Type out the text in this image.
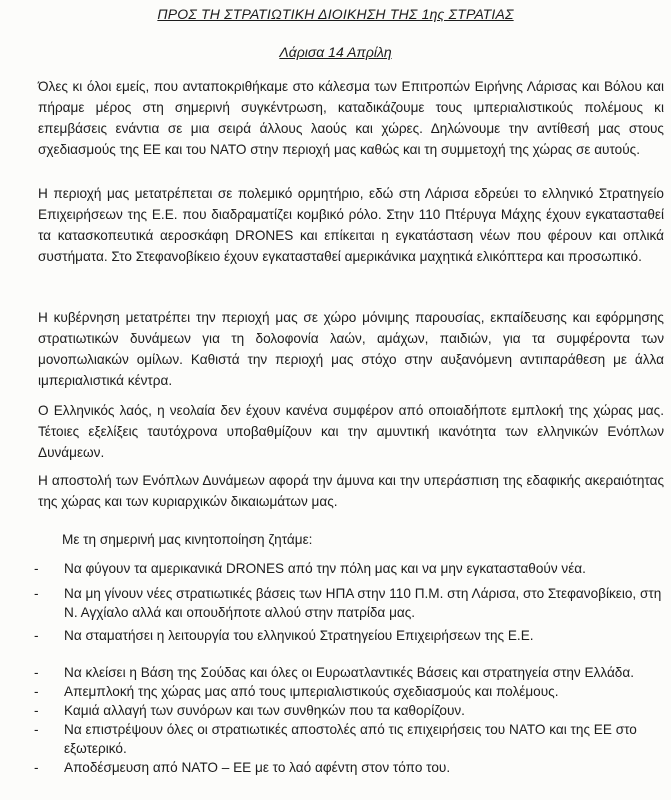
ΠΡΟΣ ΤΗ ΣΤΡΑΤΙΩΤΙΚΗ ΔΙΟΙΚΗΣΗ ΤΗΣ 1ης ΣΤΡΑΤΙΑΣ
Λάρισα 14 Απρίλη

Όλες κι όλοι εμείς, που ανταποκριθήκαμε στο κάλεσμα των Επιτροπών Ειρήνης Λάρισας και Βόλου και πήραμε μέρος στη σημερινή συγκέντρωση, καταδικάζουμε τους ιμπεριαλιστικούς πολέμους κι επεμβάσεις ενάντια σε μια σειρά άλλους λαούς και χώρες. Δηλώνουμε την αντίθεσή μας στους σχεδιασμούς της ΕΕ και του ΝΑΤΟ στην περιοχή μας καθώς και τη συμμετοχή της χώρας σε αυτούς.

Η περιοχή μας μετατρέπεται σε πολεμικό ορμητήριο, εδώ στη Λάρισα εδρεύει το ελληνικό Στρατηγείο Επιχειρήσεων της Ε.Ε. που διαδραματίζει κομβικό ρόλο. Στην 110 Πτέρυγα Μάχης έχουν εγκατασταθεί τα κατασκοπευτικά αεροσκάφη DRONES και επίκειται η εγκατάσταση νέων που φέρουν και οπλικά συστήματα. Στο Στεφανοβίκειο έχουν εγκατασταθεί αμερικάνικα μαχητικά ελικόπτερα και προσωπικό.

Η κυβέρνηση μετατρέπει την περιοχή μας σε χώρο μόνιμης παρουσίας, εκπαίδευσης και εφόρμησης στρατιωτικών δυνάμεων για τη δολοφονία λαών, αμάχων, παιδιών, για τα συμφέροντα των μονοπωλιακών ομίλων. Καθιστά την περιοχή μας στόχο στην αυξανόμενη αντιπαράθεση με άλλα ιμπεριαλιστικά κέντρα.

Ο Ελληνικός λαός, η νεολαία δεν έχουν κανένα συμφέρον από οποιαδήποτε εμπλοκή της χώρας μας. Τέτοιες εξελίξεις ταυτόχρονα υποβαθμίζουν και την αμυντική ικανότητα των ελληνικών Ενόπλων Δυνάμεων.

Η αποστολή των Ενόπλων Δυνάμεων αφορά την άμυνα και την υπεράσπιση της εδαφικής ακεραιότητας της χώρας και των κυριαρχικών δικαιωμάτων μας.

Με τη σημερινή μας κινητοποίηση ζητάμε:
- Να φύγουν τα αμερικανικά DRONES από την πόλη μας και να μην εγκατασταθούν νέα.
- Να μη γίνουν νέες στρατιωτικές βάσεις των ΗΠΑ στην 110 Π.Μ. στη Λάρισα, στο Στεφανοβίκειο, στη Ν. Αγχίαλο αλλά και οπουδήποτε αλλού στην πατρίδα μας.
- Να σταματήσει η λειτουργία του ελληνικού Στρατηγείου Επιχειρήσεων της Ε.Ε.
- Να κλείσει η Βάση της Σούδας και όλες οι Ευρωατλαντικές Βάσεις και στρατηγεία στην Ελλάδα.
- Απεμπλοκή της χώρας μας από τους ιμπεριαλιστικούς σχεδιασμούς και πολέμους.
- Καμιά αλλαγή των συνόρων και των συνθηκών που τα καθορίζουν.
- Να επιστρέψουν όλες οι στρατιωτικές αποστολές από τις επιχειρήσεις του ΝΑΤΟ και της ΕΕ στο εξωτερικό.
- Αποδέσμευση από ΝΑΤΟ – ΕΕ με το λαό αφέντη στον τόπο του.
